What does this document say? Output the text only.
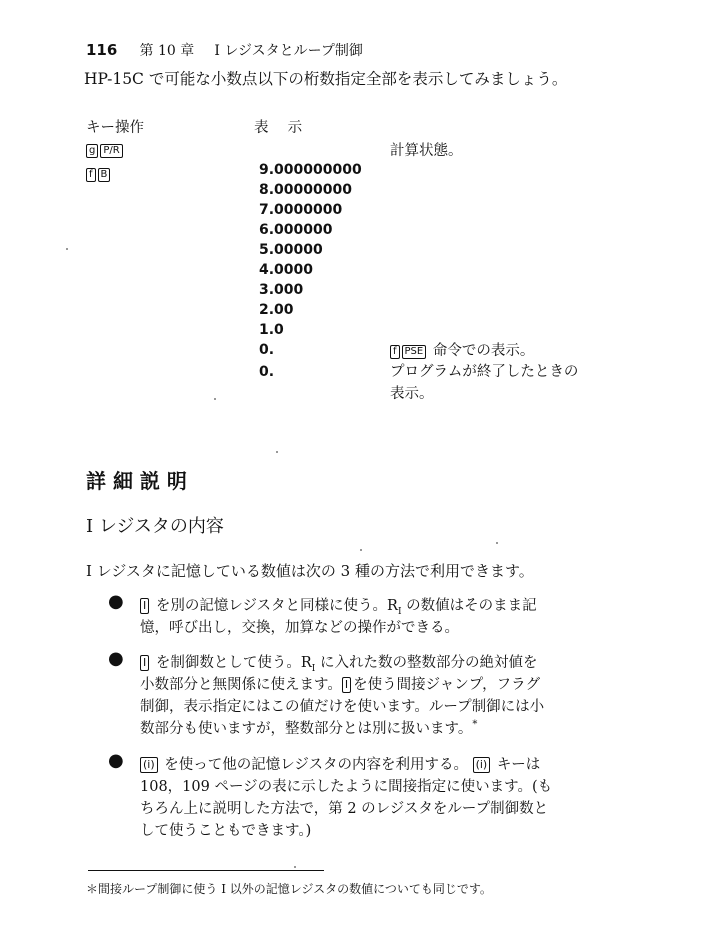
116 第 10 章 I レジスタとループ制御
HP-15C で可能な小数点以下の桁数指定全部を表示してみましょう。
キー操作	表　 示
g P/R
f B
計算状態。
9.000000000
8.00000000
7.0000000
6.000000
5.00000
4.0000
3.000
2.00
1.0
0.
0.
f PSE 命令での表示。
プログラムが終了したときの
表示。
詳 細 説 明
I レジスタの内容
I レジスタに記憶している数値は次の 3 種の方法で利用できます。
● I を別の記憶レジスタと同様に使う。$R_I$ の数値はそのまま記
憶，呼び出し，交換，加算などの操作ができる。
● I を制御数として使う。$R_I$ に入れた数の整数部分の絶対値を
小数部分と無関係に使えます。 I を使う間接ジャンプ，フラグ
制御，表示指定にはこの値だけを使います。ループ制御には小
数部分も使いますが，整数部分とは別に扱います。*
● (i) を使って他の記憶レジスタの内容を利用する。 (i) キーは
108，109 ページの表に示したように間接指定に使います。(も
ちろん上に説明した方法で，第 2 のレジスタをループ制御数と
して使うこともできます。)
＊間接ループ制御に使う I 以外の記憶レジスタの数値についても同じです。
